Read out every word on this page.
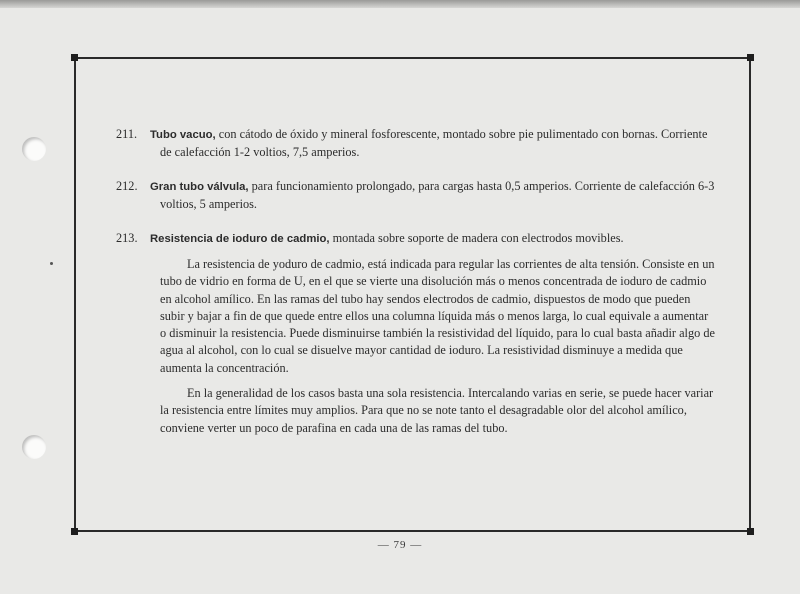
211.	Tubo vacuo, con cátodo de óxido y mineral fosforescente, montado sobre pie pulimentado con bornas. Corriente de calefacción 1-2 voltios, 7,5 amperios.
212.	Gran tubo válvula, para funcionamiento prolongado, para cargas hasta 0,5 amperios. Corriente de calefacción 6-3 voltios, 5 amperios.
213.	Resistencia de ioduro de cadmio, montada sobre soporte de madera con electrodos movibles.

La resistencia de yoduro de cadmio, está indicada para regular las corrientes de alta tensión. Consiste en un tubo de vidrio en forma de U, en el que se vierte una disolución más o menos concentrada de ioduro de cadmio en alcohol amílico. En las ramas del tubo hay sendos electrodos de cadmio, dispuestos de modo que pueden subir y bajar a fin de que quede entre ellos una columna líquida más o menos larga, lo cual equivale a aumentar o disminuir la resistencia. Puede disminuirse también la resistividad del líquido, para lo cual basta añadir algo de agua al alcohol, con lo cual se disuelve mayor cantidad de ioduro. La resistividad disminuye a medida que aumenta la concentración.

En la generalidad de los casos basta una sola resistencia. Intercalando varias en serie, se puede hacer variar la resistencia entre límites muy amplios. Para que no se note tanto el desagradable olor del alcohol amílico, conviene verter un poco de parafina en cada una de las ramas del tubo.

— 79 —
